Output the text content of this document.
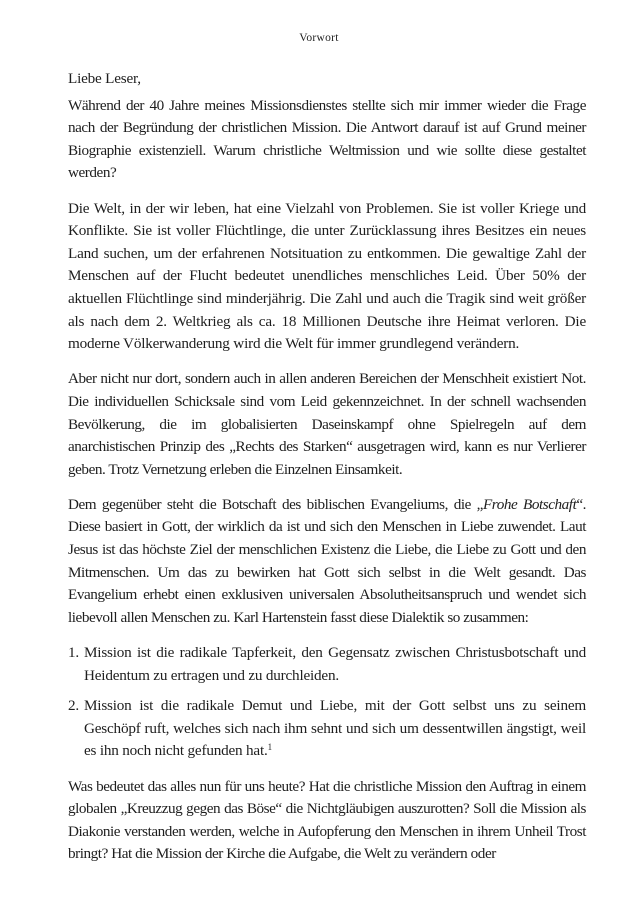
Vorwort

Liebe Leser,

Während der 40 Jahre meines Missionsdienstes stellte sich mir immer wieder die Frage nach der Begründung der christlichen Mission. Die Antwort darauf ist auf Grund meiner Biographie existenziell. Warum christliche Weltmission und wie sollte diese gestaltet werden?

Die Welt, in der wir leben, hat eine Vielzahl von Problemen. Sie ist voller Kriege und Konflikte. Sie ist voller Flüchtlinge, die unter Zurücklassung ihres Besitzes ein neues Land suchen, um der erfahrenen Notsituation zu entkommen. Die gewaltige Zahl der Menschen auf der Flucht bedeutet unendliches menschliches Leid. Über 50% der aktuellen Flüchtlinge sind minderjährig. Die Zahl und auch die Tragik sind weit größer als nach dem 2. Weltkrieg als ca. 18 Millionen Deutsche ihre Heimat verloren. Die moderne Völkerwanderung wird die Welt für immer grundlegend verändern.

Aber nicht nur dort, sondern auch in allen anderen Bereichen der Menschheit existiert Not. Die individuellen Schicksale sind vom Leid gekennzeichnet. In der schnell wachsenden Bevölkerung, die im globalisierten Daseinskampf ohne Spielregeln auf dem anarchistischen Prinzip des „Rechts des Starken“ ausgetragen wird, kann es nur Verlierer geben. Trotz Vernetzung erleben die Einzelnen Einsamkeit.

Dem gegenüber steht die Botschaft des biblischen Evangeliums, die „Frohe Botschaft“. Diese basiert in Gott, der wirklich da ist und sich den Menschen in Liebe zuwendet. Laut Jesus ist das höchste Ziel der menschlichen Existenz die Liebe, die Liebe zu Gott und den Mitmenschen. Um das zu bewirken hat Gott sich selbst in die Welt gesandt. Das Evangelium erhebt einen exklusiven universalen Absolutheitsanspruch und wendet sich liebevoll allen Menschen zu. Karl Hartenstein fasst diese Dialektik so zusammen:

1. Mission ist die radikale Tapferkeit, den Gegensatz zwischen Christusbotschaft und Heidentum zu ertragen und zu durchleiden.
2. Mission ist die radikale Demut und Liebe, mit der Gott selbst uns zu seinem Geschöpf ruft, welches sich nach ihm sehnt und sich um dessentwillen ängstigt, weil es ihn noch nicht gefunden hat.$^1$

Was bedeutet das alles nun für uns heute? Hat die christliche Mission den Auftrag in einem globalen „Kreuzzug gegen das Böse“ die Nichtgläubigen auszurotten? Soll die Mission als Diakonie verstanden werden, welche in Aufopferung den Menschen in ihrem Unheil Trost bringt? Hat die Mission der Kirche die Aufgabe, die Welt zu verändern oder
